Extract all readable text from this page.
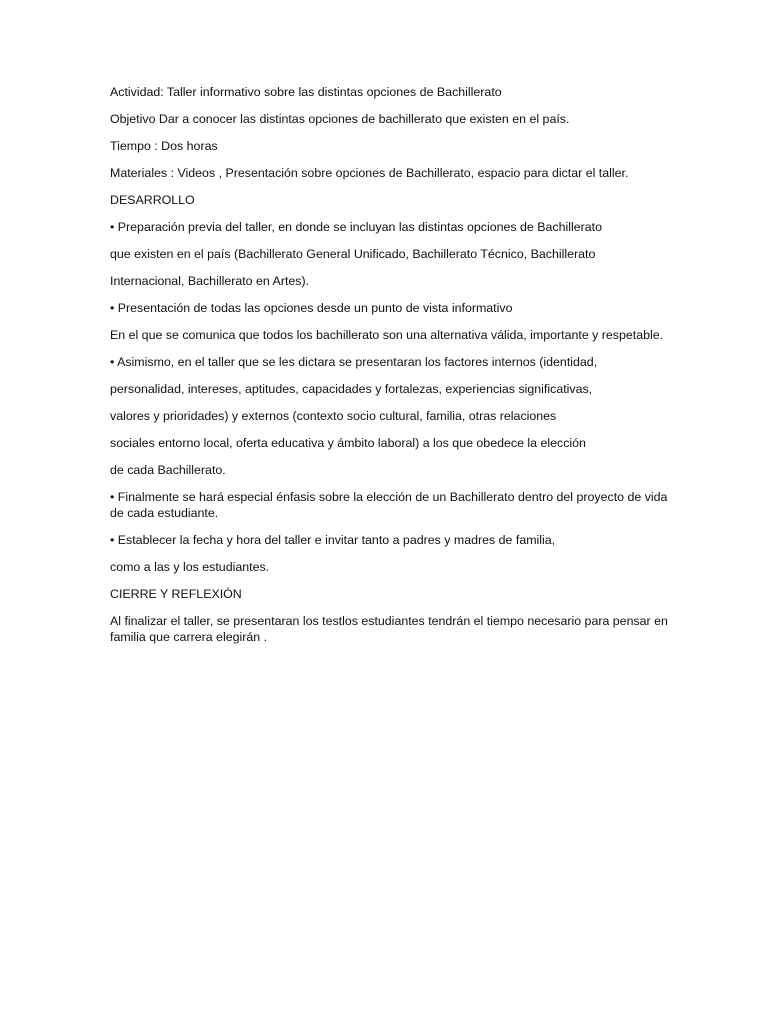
Actividad: Taller informativo sobre las distintas opciones de Bachillerato
Objetivo Dar a conocer las distintas opciones de bachillerato que existen en el país.
Tiempo : Dos horas
Materiales : Videos , Presentación sobre opciones de Bachillerato, espacio para dictar el taller.
DESARROLLO
• Preparación previa del taller, en donde se incluyan las distintas opciones de Bachillerato
que existen en el país (Bachillerato General Unificado, Bachillerato Técnico, Bachillerato
Internacional, Bachillerato en Artes).
• Presentación de todas las opciones desde un punto de vista informativo
En el que se comunica que todos los bachillerato son una alternativa válida, importante y respetable.
• Asimismo, en el taller que se les dictara se presentaran los factores internos (identidad,
personalidad, intereses, aptitudes, capacidades y fortalezas, experiencias significativas,
valores y prioridades) y externos (contexto socio cultural, familia, otras relaciones
sociales entorno local, oferta educativa y ámbito laboral) a los que obedece la elección
de cada Bachillerato.
• Finalmente se hará especial énfasis sobre la elección de un Bachillerato dentro del proyecto de vida de cada estudiante.
• Establecer la fecha y hora del taller e invitar tanto a padres y madres de familia,
como a las y los estudiantes.
CIERRE Y REFLEXIÓN
Al finalizar el taller, se presentaran los testlos estudiantes tendrán el tiempo necesario para pensar en familia que carrera elegirán .
